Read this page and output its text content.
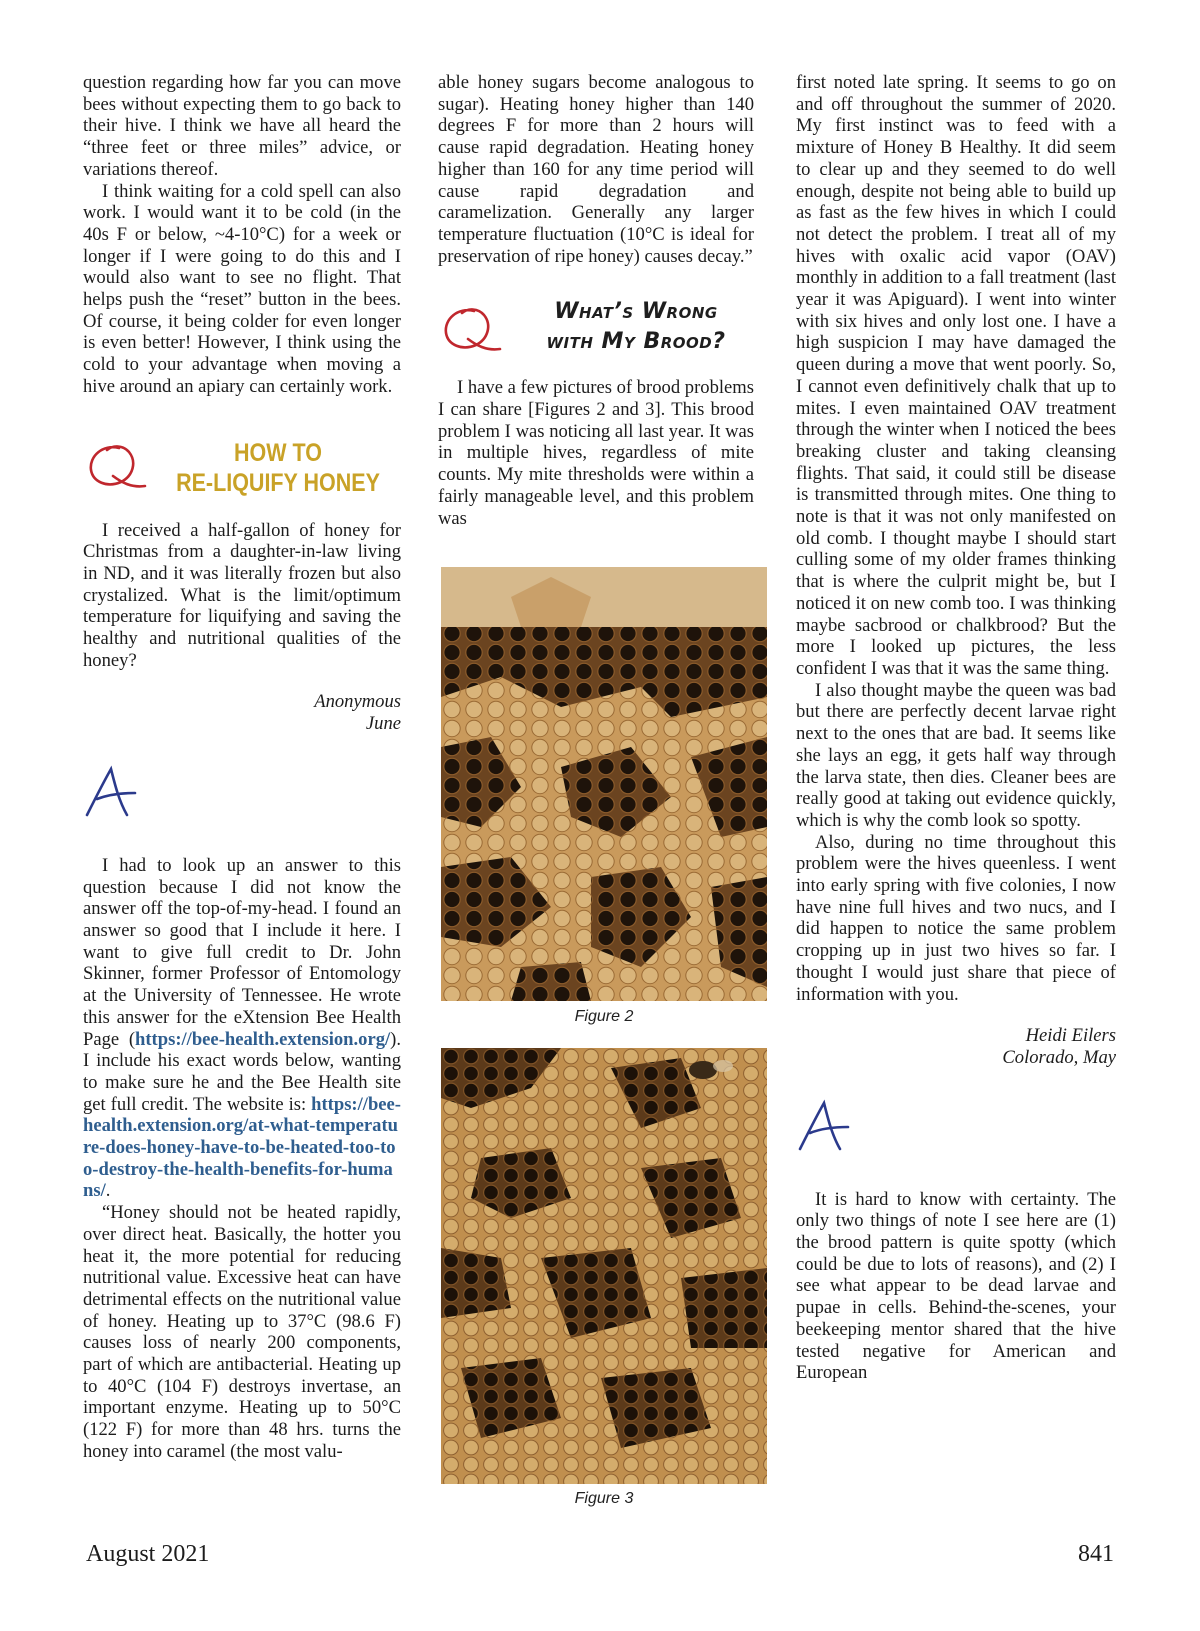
question regarding how far you can move bees without expecting them to go back to their hive. I think we have all heard the “three feet or three miles” advice, or variations thereof.

I think waiting for a cold spell can also work. I would want it to be cold (in the 40s F or below, ~4-10°C) for a week or longer if I were going to do this and I would also want to see no flight. That helps push the “reset” button in the bees. Of course, it being colder for even longer is even better! However, I think using the cold to your advantage when moving a hive around an apiary can certainly work.

HOW TO
RE-LIQUIFY HONEY

I received a half-gallon of honey for Christmas from a daughter-in-law living in ND, and it was literally frozen but also crystalized. What is the limit/optimum temperature for liquifying and saving the healthy and nutritional qualities of the honey?

Anonymous
June

I had to look up an answer to this question because I did not know the answer off the top-of-my-head. I found an answer so good that I include it here. I want to give full credit to Dr. John Skinner, former Professor of Entomology at the University of Tennessee. He wrote this answer for the eXtension Bee Health Page (https://bee-health.extension.org/). I include his exact words below, wanting to make sure he and the Bee Health site get full credit. The website is: https://bee-health.extension.org/at-what-temperature-does-honey-have-to-be-heated-too-too-destroy-the-health-benefits-for-humans/.

“Honey should not be heated rapidly, over direct heat. Basically, the hotter you heat it, the more potential for reducing nutritional value. Excessive heat can have detrimental effects on the nutritional value of honey. Heating up to 37°C (98.6 F) causes loss of nearly 200 components, part of which are antibacterial. Heating up to 40°C (104 F) destroys invertase, an important enzyme. Heating up to 50°C (122 F) for more than 48 hrs. turns the honey into caramel (the most valu-

able honey sugars become analogous to sugar). Heating honey higher than 140 degrees F for more than 2 hours will cause rapid degradation. Heating honey higher than 160 for any time period will cause rapid degradation and caramelization. Generally any larger temperature fluctuation (10°C is ideal for preservation of ripe honey) causes decay.”

What’s Wrong
with My Brood?

I have a few pictures of brood problems I can share [Figures 2 and 3]. This brood problem I was noticing all last year. It was in multiple hives, regardless of mite counts. My mite thresholds were within a fairly manageable level, and this problem was

Figure 2
Figure 3

first noted late spring. It seems to go on and off throughout the summer of 2020. My first instinct was to feed with a mixture of Honey B Healthy. It did seem to clear up and they seemed to do well enough, despite not being able to build up as fast as the few hives in which I could not detect the problem. I treat all of my hives with oxalic acid vapor (OAV) monthly in addition to a fall treatment (last year it was Apiguard). I went into winter with six hives and only lost one. I have a high suspicion I may have damaged the queen during a move that went poorly. So, I cannot even definitively chalk that up to mites. I even maintained OAV treatment through the winter when I noticed the bees breaking cluster and taking cleansing flights. That said, it could still be disease is transmitted through mites. One thing to note is that it was not only manifested on old comb. I thought maybe I should start culling some of my older frames thinking that is where the culprit might be, but I noticed it on new comb too. I was thinking maybe sacbrood or chalkbrood? But the more I looked up pictures, the less confident I was that it was the same thing.

I also thought maybe the queen was bad but there are perfectly decent larvae right next to the ones that are bad. It seems like she lays an egg, it gets half way through the larva state, then dies. Cleaner bees are really good at taking out evidence quickly, which is why the comb look so spotty.

Also, during no time throughout this problem were the hives queenless. I went into early spring with five colonies, I now have nine full hives and two nucs, and I did happen to notice the same problem cropping up in just two hives so far. I thought I would just share that piece of information with you.

Heidi Eilers
Colorado, May

It is hard to know with certainty. The only two things of note I see here are (1) the brood pattern is quite spotty (which could be due to lots of reasons), and (2) I see what appear to be dead larvae and pupae in cells. Behind-the-scenes, your beekeeping mentor shared that the hive tested negative for American and European

August 2021	841
